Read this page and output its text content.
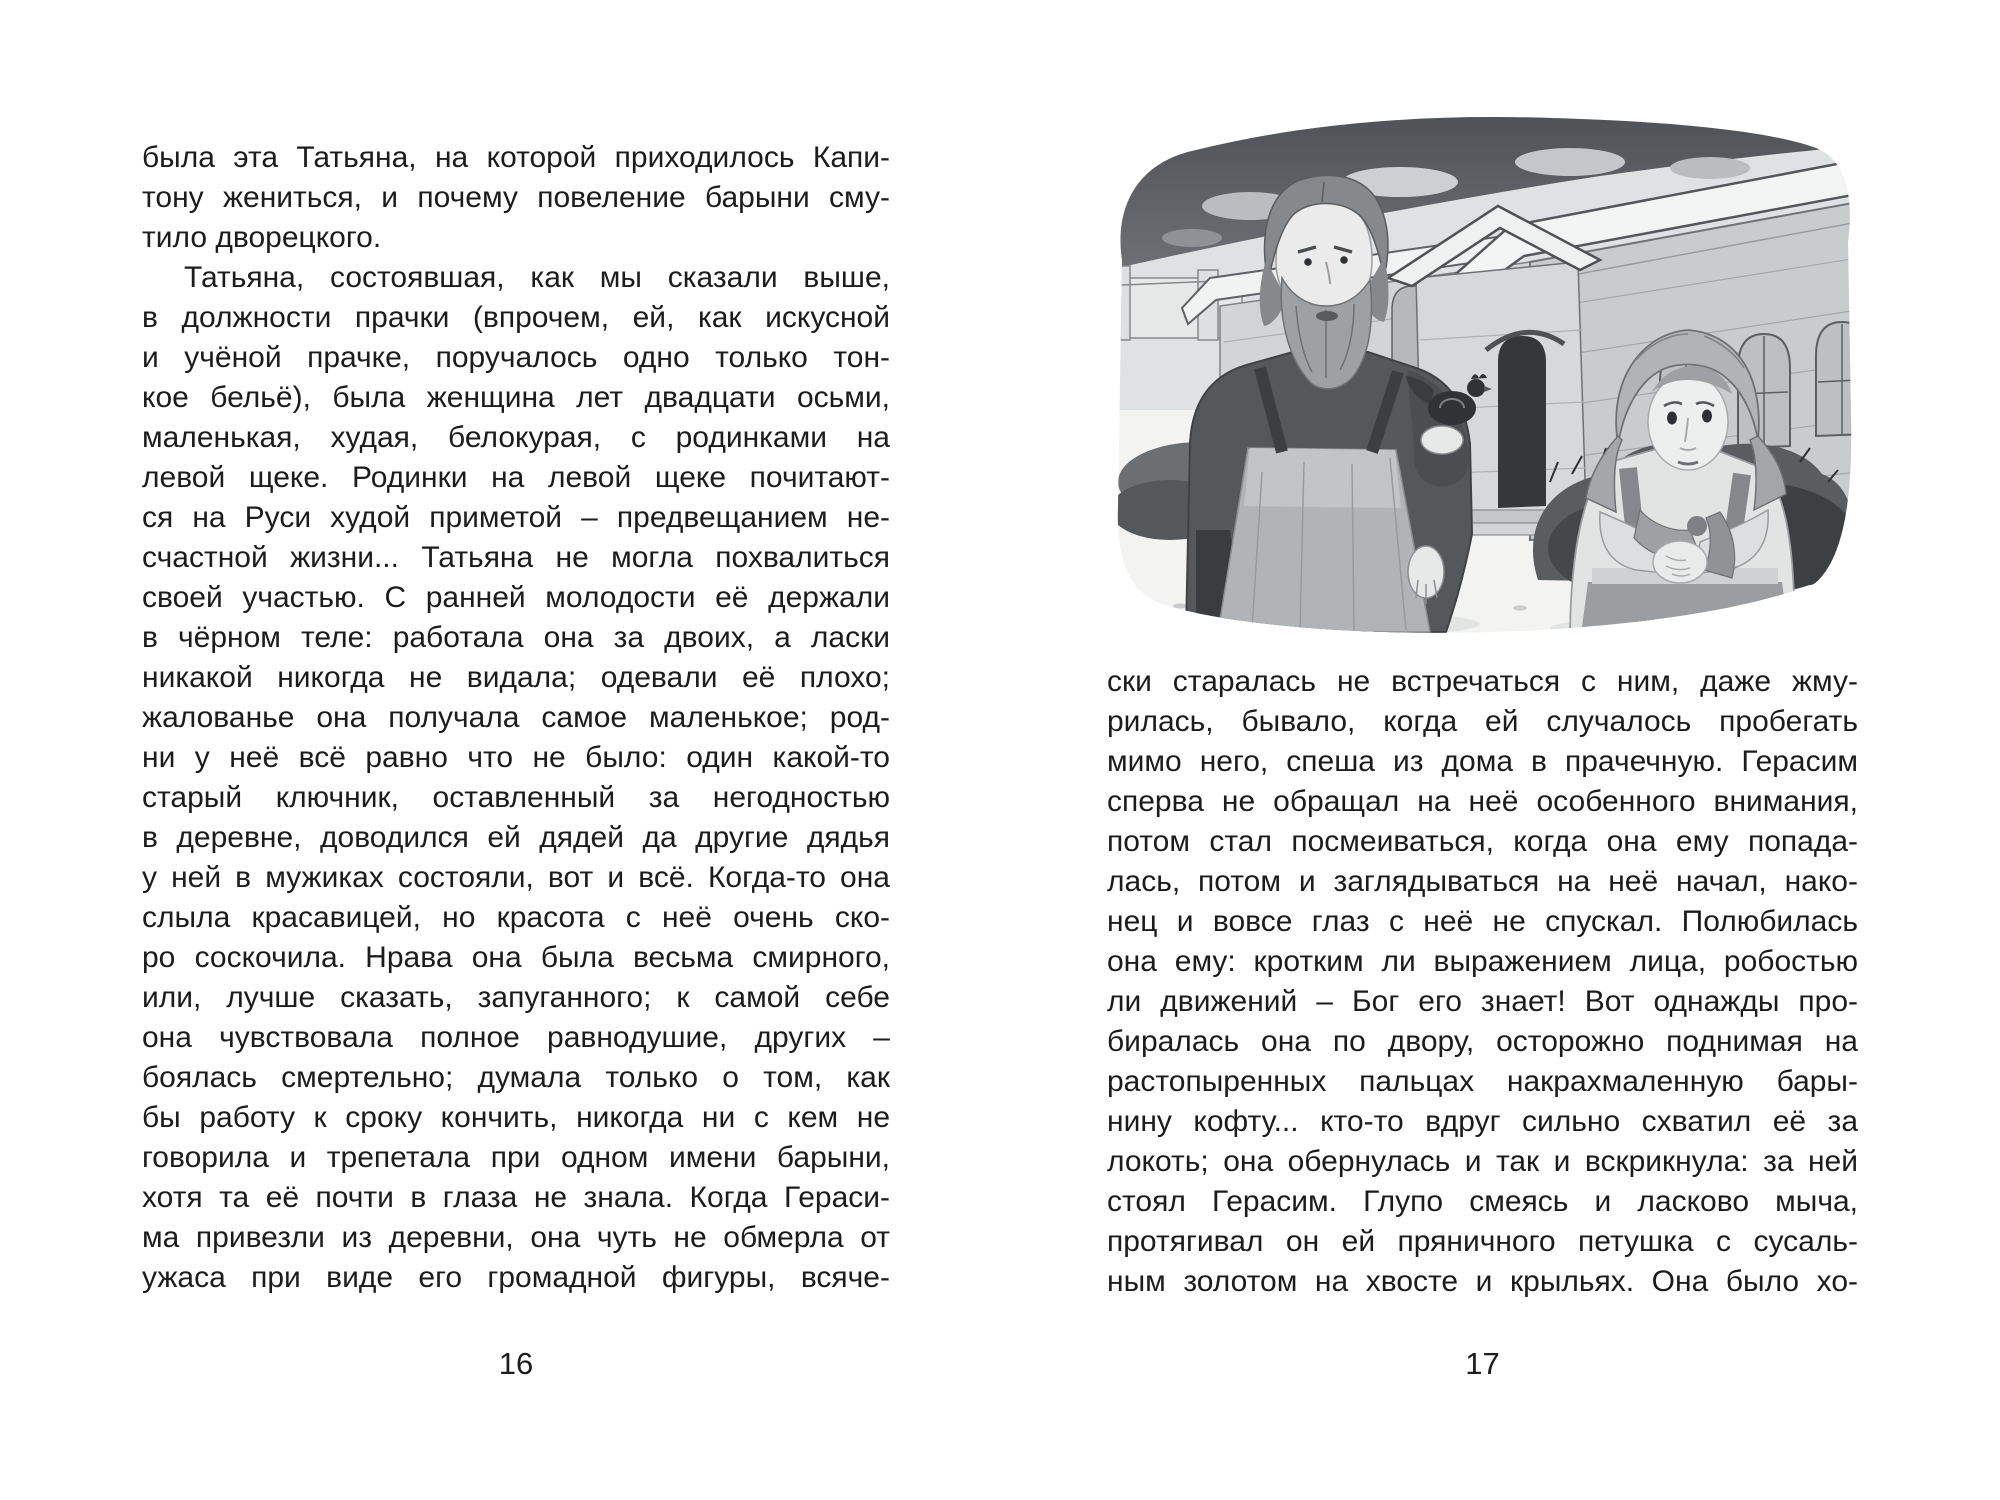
была эта Татьяна, на которой приходилось Капи-
тону жениться, и почему повеление барыни сму-
тило дворецкого.
Татьяна, состоявшая, как мы сказали выше,
в должности прачки (впрочем, ей, как искусной
и учёной прачке, поручалось одно только тон-
кое бельё), была женщина лет двадцати осьми,
маленькая, худая, белокурая, с родинками на
левой щеке. Родинки на левой щеке почитают-
ся на Руси худой приметой – предвещанием не-
счастной жизни... Татьяна не могла похвалиться
своей участью. С ранней молодости её держали
в чёрном теле: работала она за двоих, а ласки
никакой никогда не видала; одевали её плохо;
жалованье она получала самое маленькое; род-
ни у неё всё равно что не было: один какой-то
старый ключник, оставленный за негодностью
в деревне, доводился ей дядей да другие дядья
у ней в мужиках состояли, вот и всё. Когда-то она
слыла красавицей, но красота с неё очень ско-
ро соскочила. Нрава она была весьма смирного,
или, лучше сказать, запуганного; к самой себе
она чувствовала полное равнодушие, других –
боялась смертельно; думала только о том, как
бы работу к сроку кончить, никогда ни с кем не
говорила и трепетала при одном имени барыни,
хотя та её почти в глаза не знала. Когда Гераси-
ма привезли из деревни, она чуть не обмерла от
ужаса при виде его громадной фигуры, всяче-
16
ски старалась не встречаться с ним, даже жму-
рилась, бывало, когда ей случалось пробегать
мимо него, спеша из дома в прачечную. Герасим
сперва не обращал на неё особенного внимания,
потом стал посмеиваться, когда она ему попада-
лась, потом и заглядываться на неё начал, нако-
нец и вовсе глаз с неё не спускал. Полюбилась
она ему: кротким ли выражением лица, робостью
ли движений – Бог его знает! Вот однажды про-
биралась она по двору, осторожно поднимая на
растопыренных пальцах накрахмаленную бары-
нину кофту... кто-то вдруг сильно схватил её за
локоть; она обернулась и так и вскрикнула: за ней
стоял Герасим. Глупо смеясь и ласково мыча,
протягивал он ей пряничного петушка с сусаль-
ным золотом на хвосте и крыльях. Она было хо-
17
